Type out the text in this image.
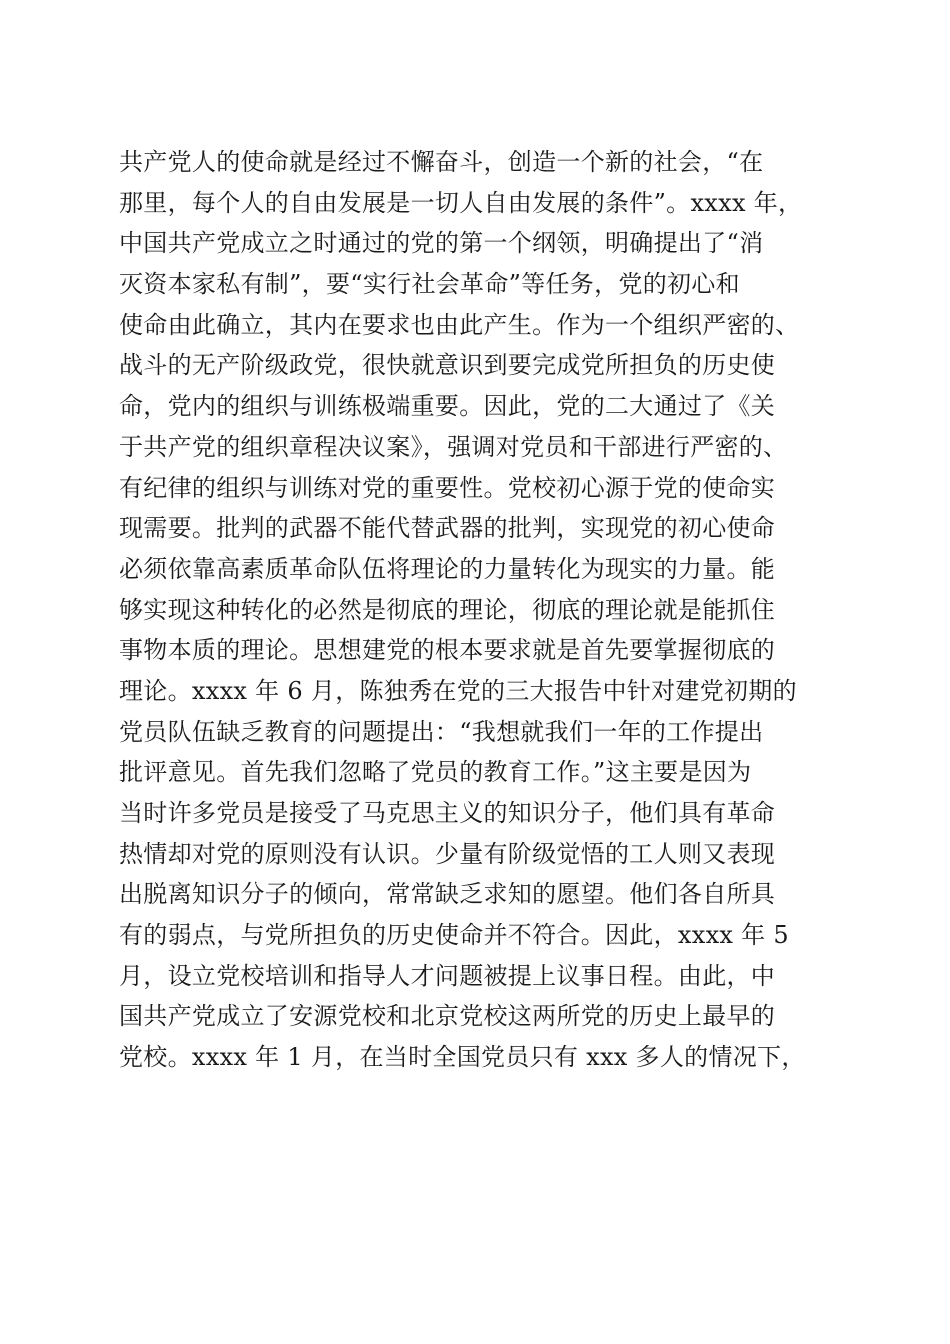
共产党人的使命就是经过不懈奋斗，创造一个新的社会，“在
那里，每个人的自由发展是一切人自由发展的条件”。xxxx 年，
中国共产党成立之时通过的党的第一个纲领，明确提出了“消
灭资本家私有制”，要“实行社会革命”等任务，党的初心和
使命由此确立，其内在要求也由此产生。作为一个组织严密的、
战斗的无产阶级政党，很快就意识到要完成党所担负的历史使
命，党内的组织与训练极端重要。因此，党的二大通过了《关
于共产党的组织章程决议案》，强调对党员和干部进行严密的、
有纪律的组织与训练对党的重要性。党校初心源于党的使命实
现需要。批判的武器不能代替武器的批判，实现党的初心使命
必须依靠高素质革命队伍将理论的力量转化为现实的力量。能
够实现这种转化的必然是彻底的理论，彻底的理论就是能抓住
事物本质的理论。思想建党的根本要求就是首先要掌握彻底的
理论。xxxx 年 6 月，陈独秀在党的三大报告中针对建党初期的
党员队伍缺乏教育的问题提出：“我想就我们一年的工作提出
批评意见。首先我们忽略了党员的教育工作。”这主要是因为
当时许多党员是接受了马克思主义的知识分子，他们具有革命
热情却对党的原则没有认识。少量有阶级觉悟的工人则又表现
出脱离知识分子的倾向，常常缺乏求知的愿望。他们各自所具
有的弱点，与党所担负的历史使命并不符合。因此，xxxx 年 5
月，设立党校培训和指导人才问题被提上议事日程。由此，中
国共产党成立了安源党校和北京党校这两所党的历史上最早的
党校。xxxx 年 1 月，在当时全国党员只有 xxx 多人的情况下，
